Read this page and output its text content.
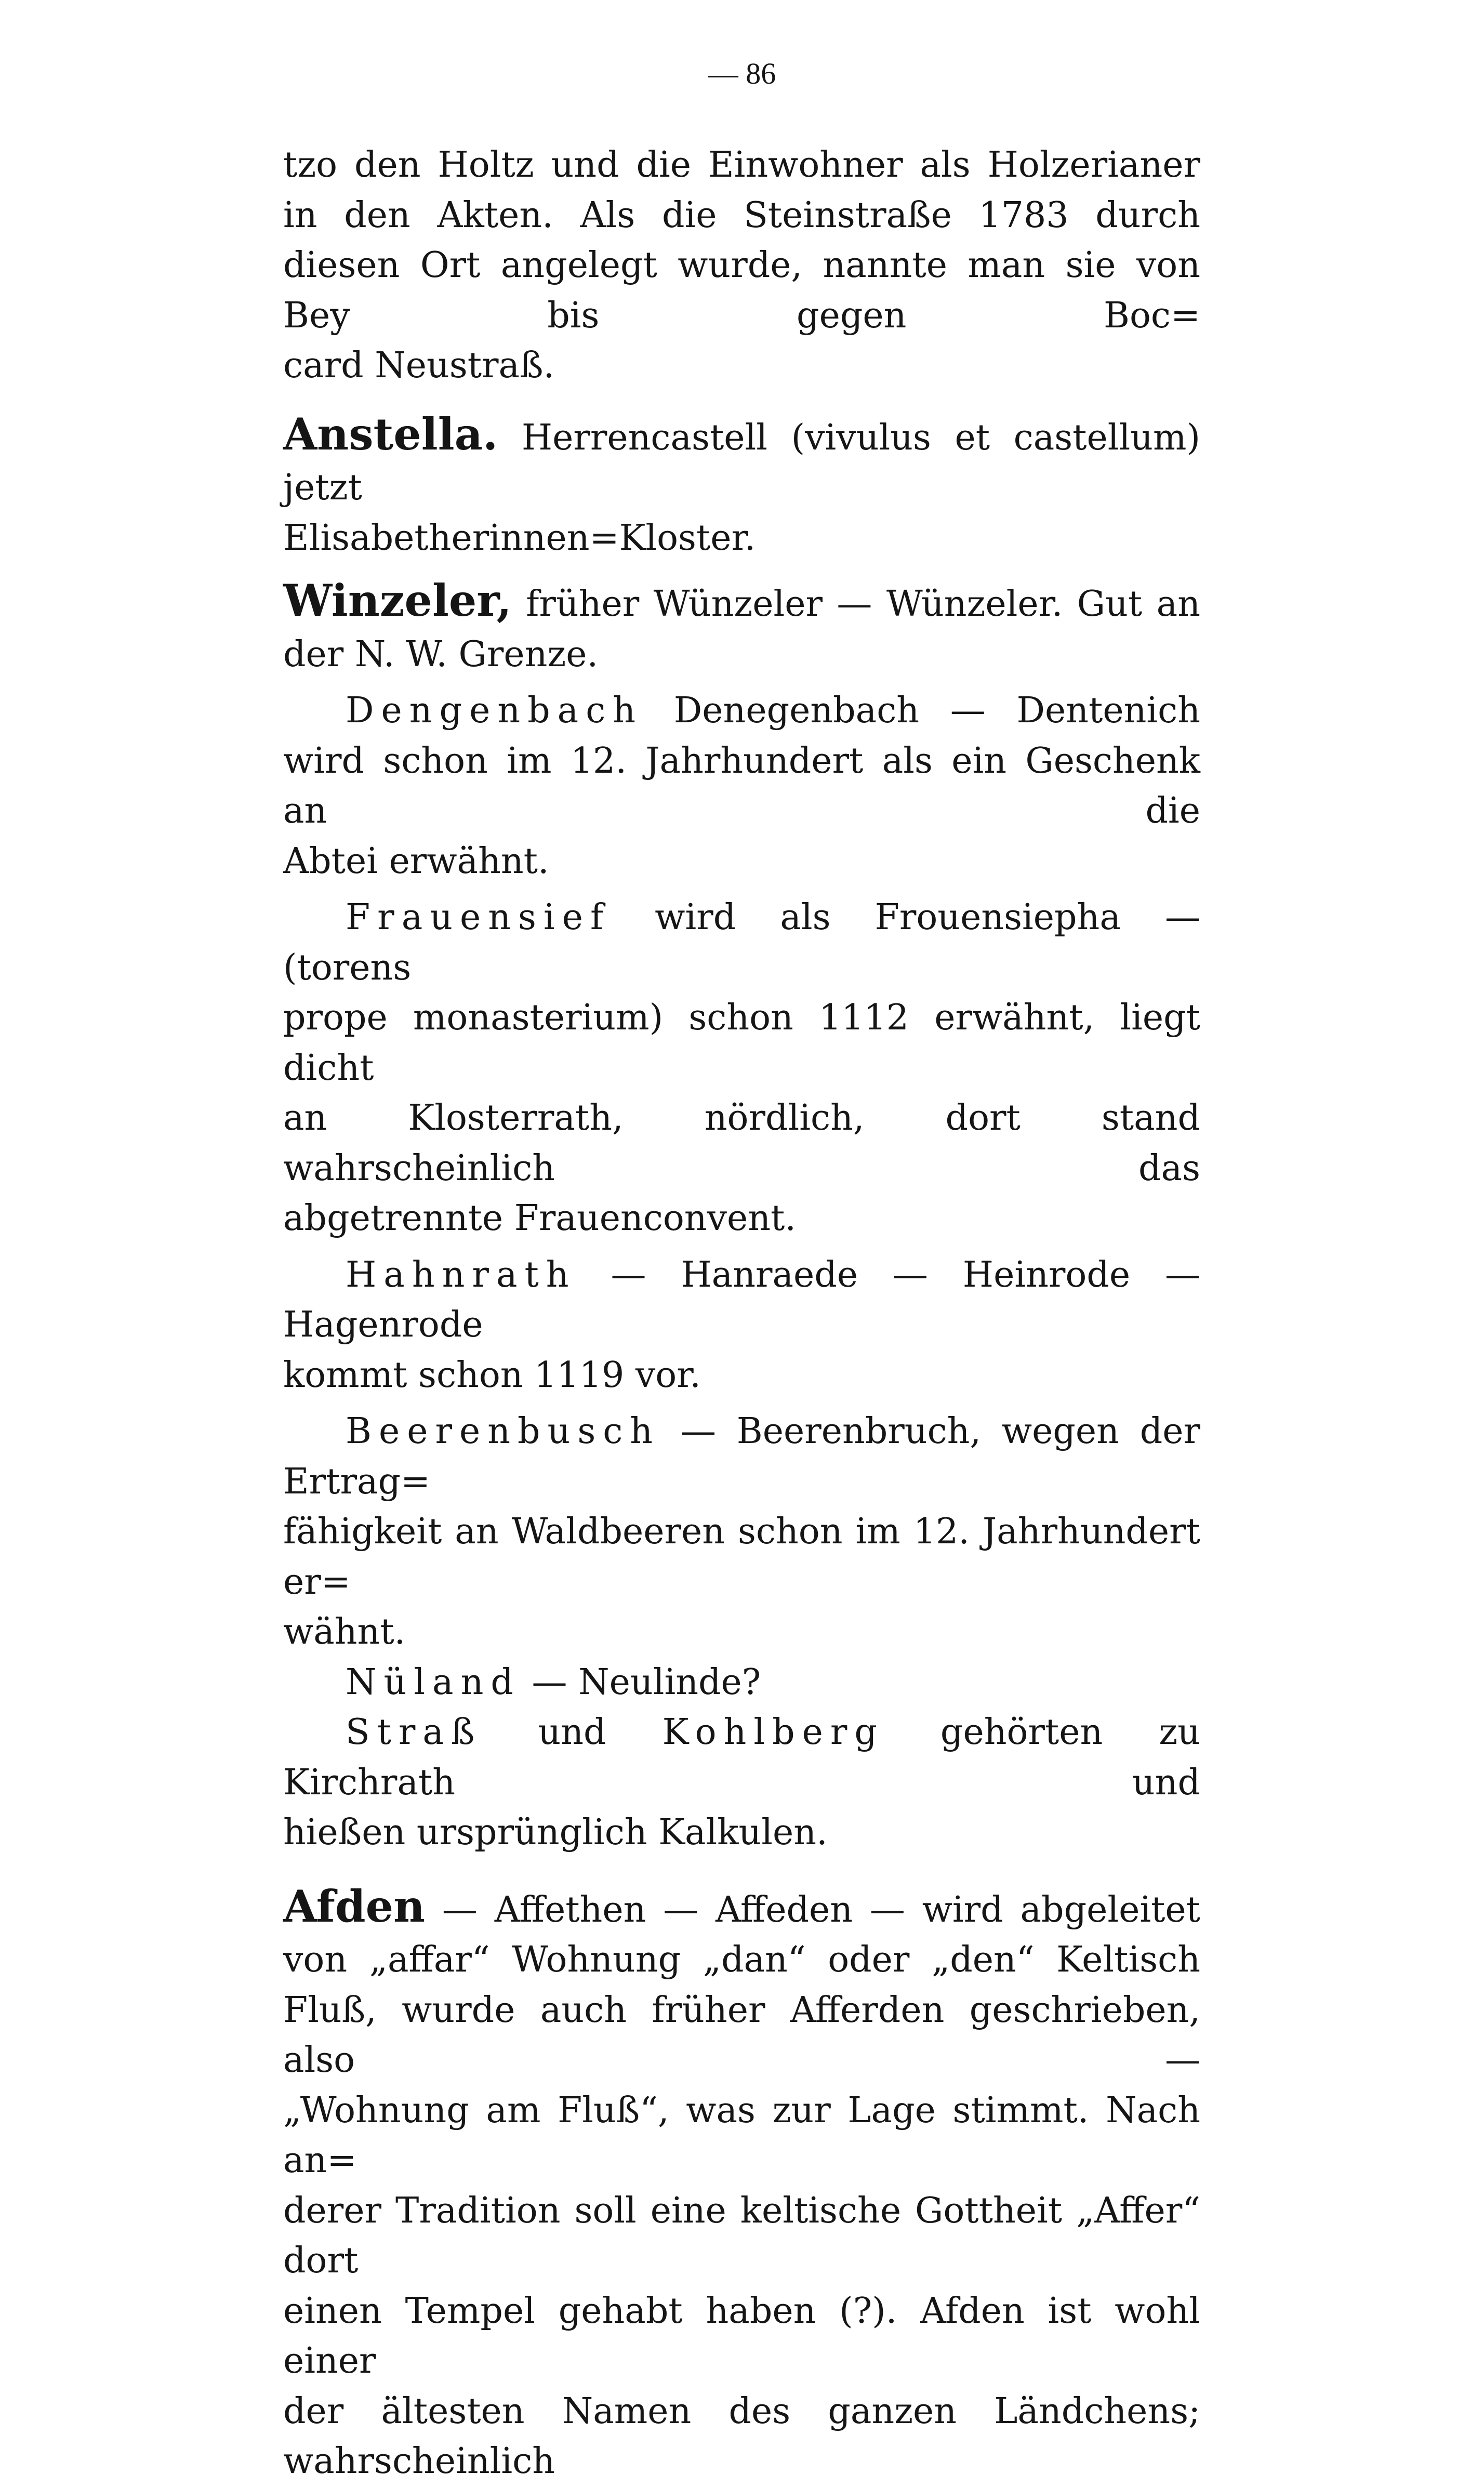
— 86

tzo den Holtz und die Einwohner als Holzerianer in den Akten. Als die Steinstraße 1783 durch diesen Ort angelegt wurde, nannte man sie von Bey bis gegen Boc=

card Neustraß.

Anstella. Herrencastell (vivulus et castellum) jetzt

Elisabetherinnen=Kloster.

Winzeler, früher Wünzeler — Wünzeler. Gut an

der N. W. Grenze.

Dengenbach Denegenbach — Dentenich

wird schon im 12. Jahrhundert als ein Geschenk an die

Abtei erwähnt.

Frauensief wird als Frouensiepha — (torens

prope monasterium) schon 1112 erwähnt, liegt dicht

an Klosterrath, nördlich, dort stand wahrscheinlich das

abgetrennte Frauenconvent.

Hahnrath — Hanraede — Heinrode — Hagenrode

kommt schon 1119 vor.

Beerenbusch — Beerenbruch, wegen der Ertrag=

fähigkeit an Waldbeeren schon im 12. Jahrhundert er=

wähnt.

Nüland — Neulinde?

Straß und Kohlberg gehörten zu Kirchrath und

hießen ursprünglich Kalkulen.

Afden — Affethen — Affeden — wird abgeleitet

von „affar“ Wohnung „dan“ oder „den“ Keltisch

Fluß, wurde auch früher Afferden geschrieben, also —

„Wohnung am Fluß“, was zur Lage stimmt. Nach an=

derer Tradition soll eine keltische Gottheit „Affer“ dort

einen Tempel gehabt haben (?). Afden ist wohl einer

der ältesten Namen des ganzen Ländchens; wahrscheinlich
